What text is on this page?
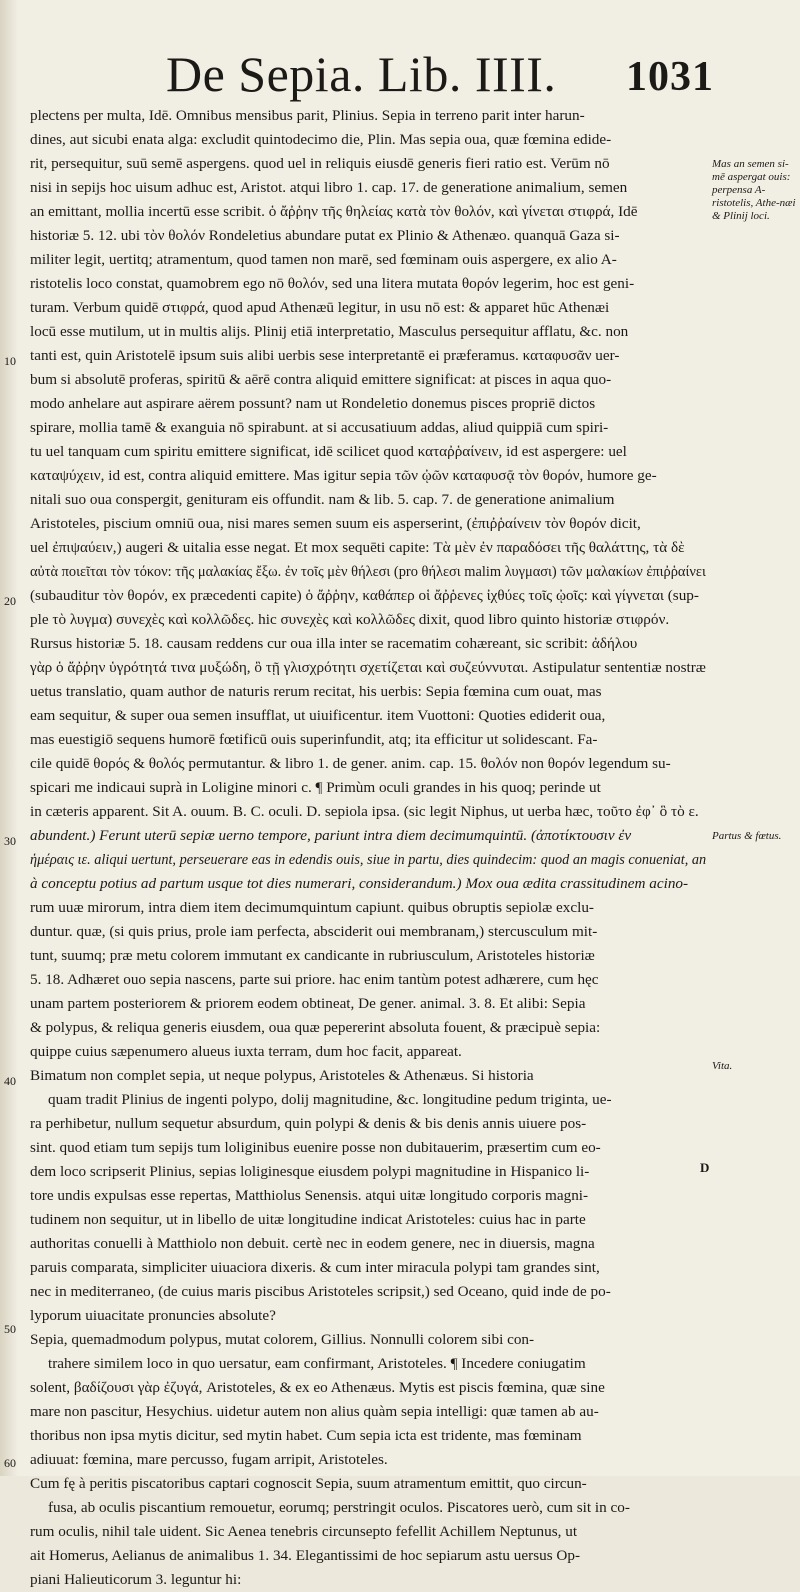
De Sepia. Lib. IIII. 1031
plectens per multa, Idē. Omnibus mensibus parit, Plinius. Sepia in terreno parit inter harun-
dines, aut sicubi enata alga: excludit quintodecimo die, Plin. Mas sepia oua, quæ fœmina edide-
rit, persequitur, suū semē aspergens. quod uel in reliquis eiusdē generis fieri ratio est. Verūm nō
nisi in sepijs hoc uisum adhuc est, Aristot. atqui libro 1. cap. 17. de generatione animalium, semen
an emittant, mollia incertū esse scribit. ὁ ἄῤῥην τῆς θηλείας κατὰ τὸν θολόν, καὶ γίνεται στιφρά, Idē
historiæ 5. 12. ubi τὸν θολόν Rondeletius abundare putat ex Plinio & Athenæo. quanquā Gaza si-
militer legit, uertitq; atramentum, quod tamen non marē, sed fœminam ouis aspergere, ex alio A-
ristotelis loco constat, quamobrem ego nō θολόν, sed una litera mutata θορόν legerim, hoc est geni-
turam. Verbum quidē στιφρά, quod apud Athenæū legitur, in usu nō est: & apparet hūc Athenæi
locū esse mutilum, ut in multis alijs. Plinij etiā interpretatio, Masculus persequitur afflatu, &c. non
tanti est, quin Aristotelē ipsum suis alibi uerbis sese interpretantē ei præferamus. καταφυσᾶν uer-
bum si absolutē proferas, spiritū & aērē contra aliquid emittere significat: at pisces in aqua quo-
modo anhelare aut aspirare aërem possunt? nam ut Rondeletio donemus pisces propriē dictos
spirare, mollia tamē & exanguia nō spirabunt. at si accusatiuum addas, aliud quippiā cum spiri-
tu uel tanquam cum spiritu emittere significat, idē scilicet quod καταῤῥαίνειν, id est aspergere: uel
καταψύχειν, id est, contra aliquid emittere. Mas igitur sepia τῶν ᾠῶν καταφυσᾷ τὸν θορόν, humore ge-
nitali suo oua conspergit, genituram eis offundit. nam & lib. 5. cap. 7. de generatione animalium
Aristoteles, piscium omniū oua, nisi mares semen suum eis asperserint, (ἐπιῤῥαίνειν τὸν θορόν dicit,
uel ἐπιψαύειν,) augeri & uitalia esse negat. Et mox sequēti capite: Τὰ μὲν ἐν παραδόσει τῆς θαλάττης, τὰ δὲ
αὐτὰ ποιεῖται τὸν τόκον: τῆς μαλακίας ἔξω. ἐν τοῖς μὲν θήλεσι (pro θήλεσι malim λυγμασι) τῶν μαλακίων ἐπιῤῥαίνει
(subauditur τὸν θορόν, ex præcedenti capite) ὁ ἄῤῥην, καθάπερ οἱ ἄῤῥενες ἰχθύες τοῖς ᾠοῖς: καὶ γίγνεται (sup-
ple τὸ λυγμα) συνεχὲς καὶ κολλῶδες. hic συνεχὲς καὶ κολλῶδες dixit, quod libro quinto historiæ στιφρόν.
Rursus historiæ 5. 18. causam reddens cur oua illa inter se racematim cohæreant, sic scribit: ἀδήλου
γὰρ ὁ ἄῤῥην ὑγρότητά τινα μυξώδη, ὃ τῇ γλισχρότητι σχετίζεται καὶ συζεύννυται. Astipulatur sententiæ nostræ
uetus translatio, quam author de naturis rerum recitat, his uerbis: Sepia fœmina cum ouat, mas
eam sequitur, & super oua semen insufflat, ut uiuificentur. item Vuottoni: Quoties ediderit oua,
mas euestigiō sequens humorē fœtificū ouis superinfundit, atq; ita efficitur ut solidescant. Fa-
cile quidē θορός & θολός permutantur. & libro 1. de gener. anim. cap. 15. θολόν non θορόν legendum su-
spicari me indicaui suprà in Loligine minori c. ¶ Primùm oculi grandes in his quoq; perinde ut
in cæteris apparent. Sit A. ouum. B. C. oculi. D. sepiola ipsa. (sic legit Niphus, ut uerba hæc, τοῦτο ἐφ᾽ ὃ τὸ ε.
abundent.) Ferunt uterū sepiæ uerno tempore, pariunt intra diem decimumquintū. (ἀποτίκτουσιν ἐν
ἡμέραις ιε. aliqui uertunt, perseuerare eas in edendis ouis, siue in partu, dies quindecim: quod an magis conueniat, an
à conceptu potius ad partum usque tot dies numerari, considerandum.) Mox oua ædita crassitudinem acino-
rum uuæ mirorum, intra diem item decimumquintum capiunt. quibus obruptis sepiolæ exclu-
duntur. quæ, (si quis prius, prole iam perfecta, absciderit oui membranam,) stercusculum mit-
tunt, suumq; præ metu colorem immutant ex candicante in rubriusculum, Aristoteles historiæ
5. 18. Adhæret ouo sepia nascens, parte sui priore. hac enim tantùm potest adhærere, cum hęc
unam partem posteriorem & priorem eodem obtineat, De gener. animal. 3. 8. Et alibi: Sepia
& polypus, & reliqua generis eiusdem, oua quæ pepererint absoluta fouent, & præcipuè sepia:
quippe cuius sæpenumero alueus iuxta terram, dum hoc facit, appareat.
Bimatum non complet sepia, ut neque polypus, Aristoteles & Athenæus. Si historia
quam tradit Plinius de ingenti polypo, dolij magnitudine, &c. longitudine pedum triginta, ue-
ra perhibetur, nullum sequetur absurdum, quin polypi & denis & bis denis annis uiuere pos-
sint. quod etiam tum sepijs tum loliginibus euenire posse non dubitauerim, præsertim cum eo-
dem loco scripserit Plinius, sepias loliginesque eiusdem polypi magnitudine in Hispanico li-
tore undis expulsas esse repertas, Matthiolus Senensis. atqui uitæ longitudo corporis magni-
tudinem non sequitur, ut in libello de uitæ longitudine indicat Aristoteles: cuius hac in parte
authoritas conuelli à Matthiolo non debuit. certè nec in eodem genere, nec in diuersis, magna
paruis comparata, simpliciter uiuaciora dixeris. & cum inter miracula polypi tam grandes sint,
nec in mediterraneo, (de cuius maris piscibus Aristoteles scripsit,) sed Oceano, quid inde de po-
lyporum uiuacitate pronuncies absolute?
Sepia, quemadmodum polypus, mutat colorem, Gillius. Nonnulli colorem sibi con-
trahere similem loco in quo uersatur, eam confirmant, Aristoteles. ¶ Incedere coniugatim
solent, βαδίζουσι γὰρ ἐζυγά, Aristoteles, & ex eo Athenæus. Mytis est piscis fœmina, quæ sine
mare non pascitur, Hesychius. uidetur autem non alius quàm sepia intelligi: quæ tamen ab au-
thoribus non ipsa mytis dicitur, sed mytin habet. Cum sepia icta est tridente, mas fœminam
adiuuat: fœmina, mare percusso, fugam arripit, Aristoteles.
Cum fę à peritis piscatoribus captari cognoscit Sepia, suum atramentum emittit, quo circun-
fusa, ab oculis piscantium remouetur, eorumq; perstringit oculos. Piscatores uerò, cum sit in co-
rum oculis, nihil tale uident. Sic Aenea tenebris circunsepto fefellit Achillem Neptunus, ut
ait Homerus, Aelianus de animalibus 1. 34. Elegantissimi de hoc sepiarum astu uersus Op-
piani Halieuticorum 3. leguntur hi:
10
20
30
40
50
60
Mas an semen si-mē aspergat ouis: perpensa A-ristotelis, Athe-næi & Plinij loci.
Partus & fœtus.
Vita.
D
